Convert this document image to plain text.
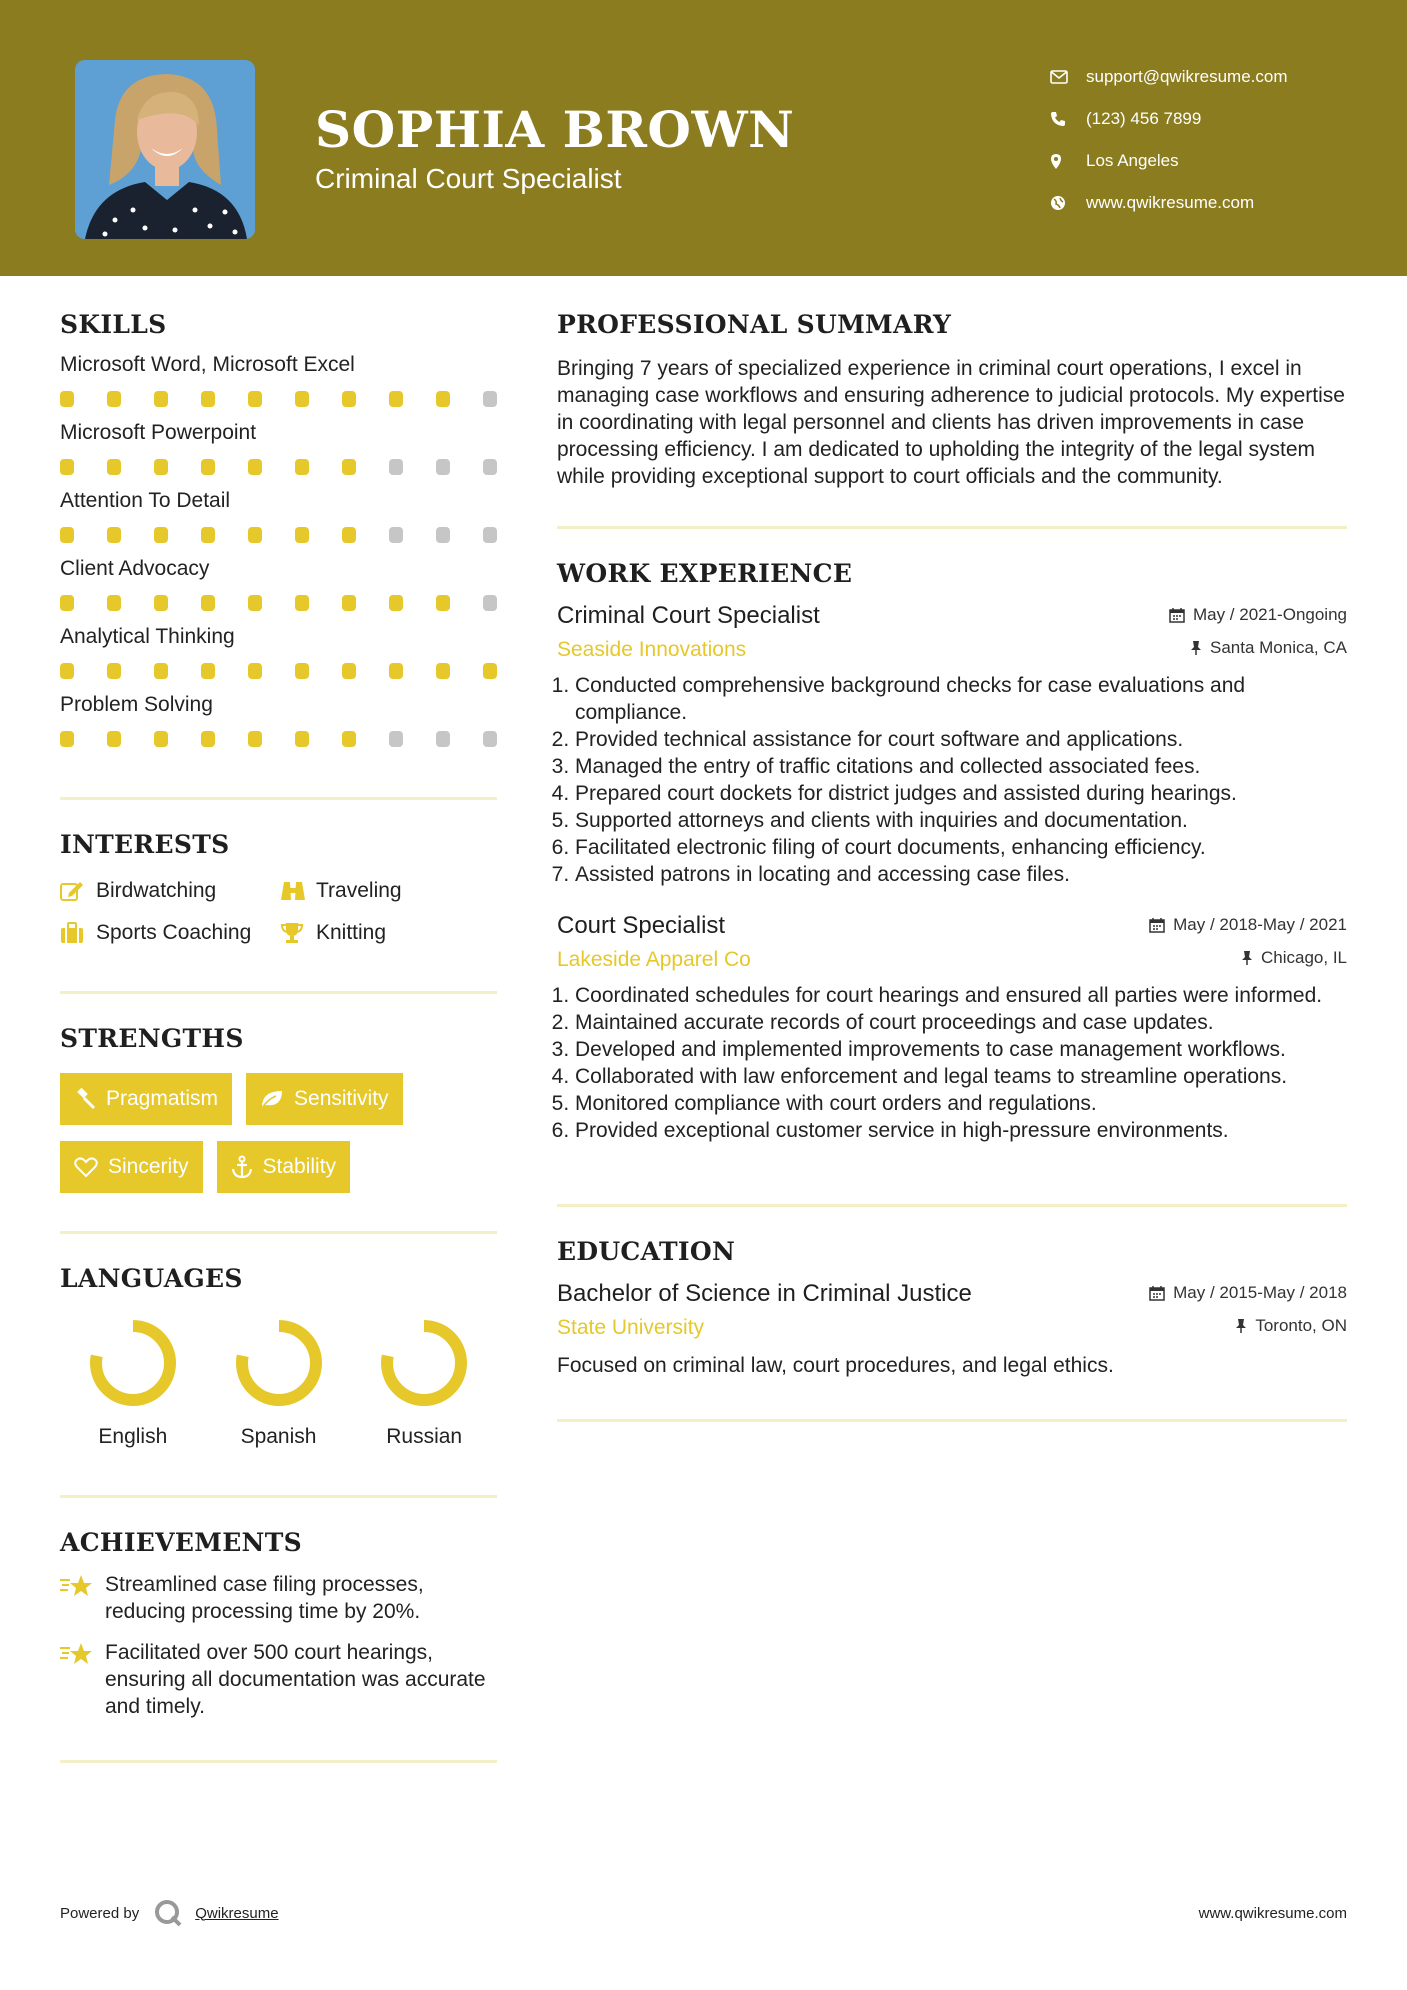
SOPHIA BROWN
Criminal Court Specialist
support@qwikresume.com
(123) 456 7899
Los Angeles
www.qwikresume.com
SKILLS
Microsoft Word, Microsoft Excel
Microsoft Powerpoint
Attention To Detail
Client Advocacy
Analytical Thinking
Problem Solving
INTERESTS
Birdwatching	Traveling
Sports Coaching	Knitting
STRENGTHS
Pragmatism	Sensitivity
Sincerity	Stability
LANGUAGES
English	Spanish	Russian
ACHIEVEMENTS
Streamlined case filing processes, reducing processing time by 20%.
Facilitated over 500 court hearings, ensuring all documentation was accurate and timely.
PROFESSIONAL SUMMARY

Bringing 7 years of specialized experience in criminal court operations, I excel in managing case workflows and ensuring adherence to judicial protocols. My expertise in coordinating with legal personnel and clients has driven improvements in case processing efficiency. I am dedicated to upholding the integrity of the legal system while providing exceptional support to court officials and the community.

WORK EXPERIENCE
Criminal Court Specialist	May / 2021-Ongoing
Seaside Innovations	Santa Monica, CA
1. Conducted comprehensive background checks for case evaluations and compliance.
2. Provided technical assistance for court software and applications.
3. Managed the entry of traffic citations and collected associated fees.
4. Prepared court dockets for district judges and assisted during hearings.
5. Supported attorneys and clients with inquiries and documentation.
6. Facilitated electronic filing of court documents, enhancing efficiency.
7. Assisted patrons in locating and accessing case files.
Court Specialist	May / 2018-May / 2021
Lakeside Apparel Co	Chicago, IL
1. Coordinated schedules for court hearings and ensured all parties were informed.
2. Maintained accurate records of court proceedings and case updates.
3. Developed and implemented improvements to case management workflows.
4. Collaborated with law enforcement and legal teams to streamline operations.
5. Monitored compliance with court orders and regulations.
6. Provided exceptional customer service in high-pressure environments.
EDUCATION
Bachelor of Science in Criminal Justice	May / 2015-May / 2018
State University	Toronto, ON

Focused on criminal law, court procedures, and legal ethics.

Powered by	Qwikresume	www.qwikresume.com
